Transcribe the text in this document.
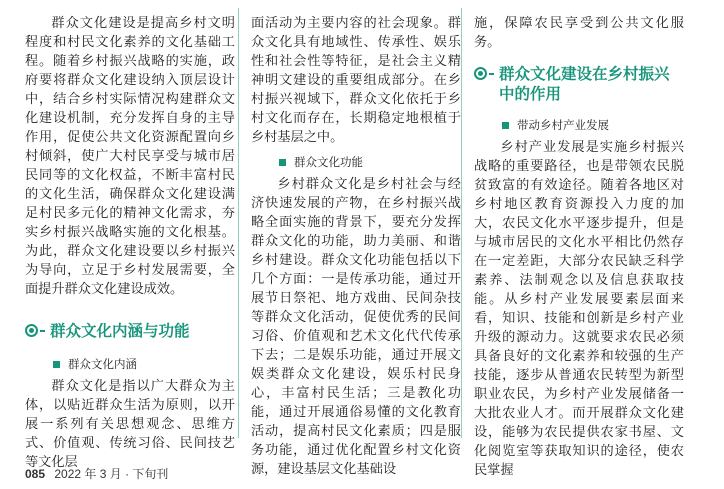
群众文化建设是提高乡村文明程度和村民文化素养的文化基础工程。随着乡村振兴战略的实施，政府要将群众文化建设纳入顶层设计中，结合乡村实际情况构建群众文化建设机制，充分发挥自身的主导作用，促使公共文化资源配置向乡村倾斜，使广大村民享受与城市居民同等的文化权益，不断丰富村民的文化生活，确保群众文化建设满足村民多元化的精神文化需求，夯实乡村振兴战略实施的文化根基。为此，群众文化建设要以乡村振兴为导向，立足于乡村发展需要，全面提升群众文化建设成效。

群众文化内涵与功能
群众文化内涵

群众文化是指以广大群众为主体，以贴近群众生活为原则，以开展一系列有关思想观念、思维方式、价值观、传统习俗、民间技艺等文化层

面活动为主要内容的社会现象。群众文化具有地域性、传承性、娱乐性和社会性等特征，是社会主义精神明文建设的重要组成部分。在乡村振兴视域下，群众文化依托于乡村文化而存在，长期稳定地根植于乡村基层之中。

群众文化功能

乡村群众文化是乡村社会与经济快速发展的产物，在乡村振兴战略全面实施的背景下，要充分发挥群众文化的功能，助力美丽、和谐乡村建设。群众文化功能包括以下几个方面：一是传承功能，通过开展节日祭祀、地方戏曲、民间杂技等群众文化活动，促使优秀的民间习俗、价值观和艺术文化代代传承下去；二是娱乐功能，通过开展文娱类群众文化建设，娱乐村民身心，丰富村民生活；三是教化功能，通过开展通俗易懂的文化教育活动，提高村民文化素质；四是服务功能，通过优化配置乡村文化资源，建设基层文化基础设

施，保障农民享受到公共文化服务。

群众文化建设在乡村振兴中的作用
带动乡村产业发展

乡村产业发展是实施乡村振兴战略的重要路径，也是带领农民脱贫致富的有效途径。随着各地区对乡村地区教育资源投入力度的加大，农民文化水平逐步提升，但是与城市居民的文化水平相比仍然存在一定差距，大部分农民缺乏科学素养、法制观念以及信息获取技能。从乡村产业发展要素层面来看，知识、技能和创新是乡村产业升级的源动力。这就要求农民必须具备良好的文化素养和较强的生产技能，逐步从普通农民转型为新型职业农民，为乡村产业发展储备一大批农业人才。而开展群众文化建设，能够为农民提供农家书屋、文化阅览室等获取知识的途径，使农民掌握

085 2022 年 3 月 · 下旬刊
